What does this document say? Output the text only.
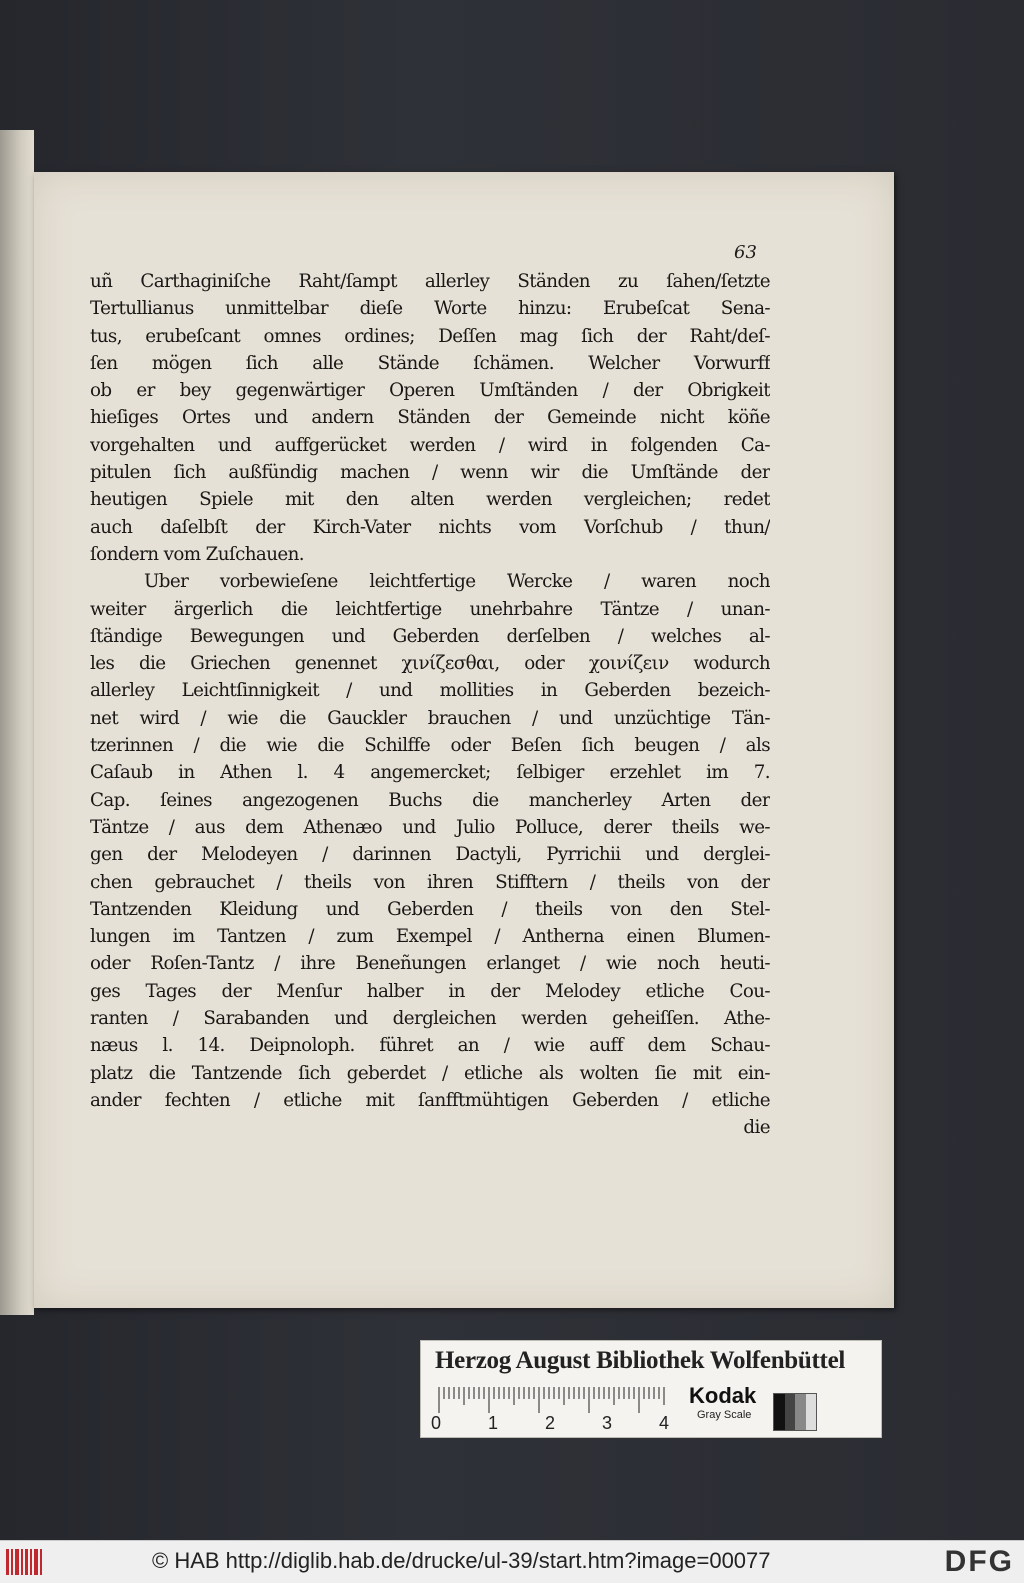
63
uñ Carthaginiſche Raht/ſampt allerley Ständen zu ſahen/ſetzte
Tertullianus unmittelbar dieſe Worte hinzu: Erubeſcat Sena-
tus, erubeſcant omnes ordines; Deſſen mag ſich der Raht/deſ-
ſen mögen ſich alle Stände ſchämen. Welcher Vorwurff
ob er bey gegenwärtiger Operen Umſtänden / der Obrigkeit
hieſiges Ortes und andern Ständen der Gemeinde nicht köñe
vorgehalten und auffgerücket werden / wird in folgenden Ca-
pitulen ſich außfündig machen / wenn wir die Umſtände der
heutigen Spiele mit den alten werden vergleichen; redet
auch daſelbſt der Kirch-Vater nichts vom Vorſchub / thun/
ſondern vom Zuſchauen.
Uber vorbewieſene leichtfertige Wercke / waren noch
weiter ärgerlich die leichtfertige unehrbahre Täntze / unan-
ſtändige Bewegungen und Geberden derſelben / welches al-
les die Griechen genennet χινίζεσθαι, oder χοινίζειν wodurch
allerley Leichtſinnigkeit / und mollities in Geberden bezeich-
net wird / wie die Gauckler brauchen / und unzüchtige Tän-
tzerinnen / die wie die Schilffe oder Beſen ſich beugen / als
Caſaub in Athen l. 4 angemercket; ſelbiger erzehlet im 7.
Cap. ſeines angezogenen Buchs die mancherley Arten der
Täntze / aus dem Athenæo und Julio Polluce, derer theils we-
gen der Melodeyen / darinnen Dactyli, Pyrrichii und derglei-
chen gebrauchet / theils von ihren Stifftern / theils von der
Tantzenden Kleidung und Geberden / theils von den Stel-
lungen im Tantzen / zum Exempel / Antherna einen Blumen-
oder Roſen-Tantz / ihre Beneñungen erlanget / wie noch heuti-
ges Tages der Menſur halber in der Melodey etliche Cou-
ranten / Sarabanden und dergleichen werden geheiſſen. Athe-
næus l. 14. Deipnoloph. führet an / wie auff dem Schau-
platz die Tantzende ſich geberdet / etliche als wolten ſie mit ein-
ander fechten / etliche mit ſanfftmühtigen Geberden / etliche
die
Herzog August Bibliothek Wolfenbüttel
0	1	2	3	4
Kodak
Gray Scale
© HAB http://diglib.hab.de/drucke/ul-39/start.htm?image=00077	DFG
